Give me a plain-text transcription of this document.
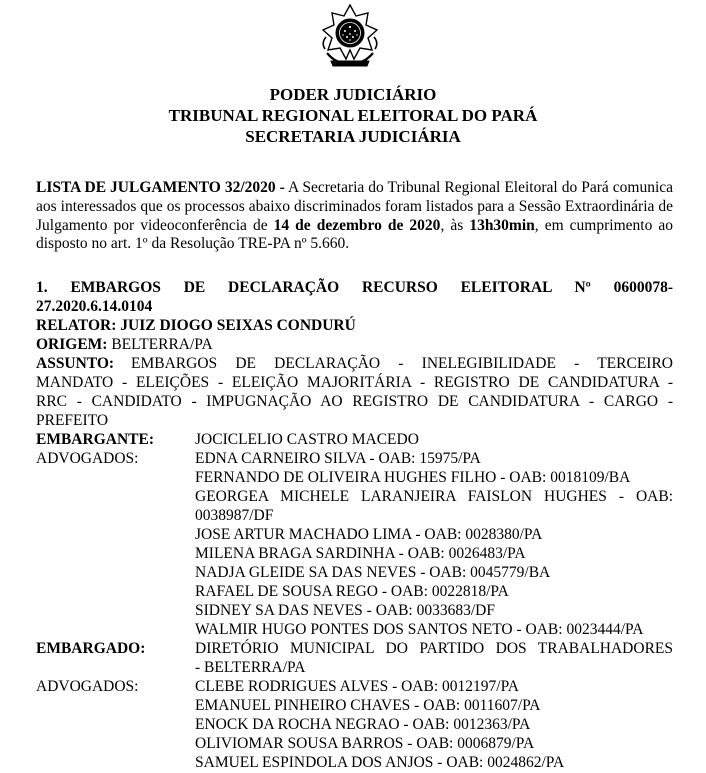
PODER JUDICIÁRIO
TRIBUNAL REGIONAL ELEITORAL DO PARÁ
SECRETARIA JUDICIÁRIA
LISTA DE JULGAMENTO 32/2020 - A Secretaria do Tribunal Regional Eleitoral do Pará comunica aos interessados que os processos abaixo discriminados foram listados para a Sessão Extraordinária de Julgamento por videoconferência de 14 de dezembro de 2020, às 13h30min, em cumprimento ao disposto no art. 1º da Resolução TRE-PA nº 5.660.
1. EMBARGOS DE DECLARAÇÃO RECURSO ELEITORAL Nº 0600078-
27.2020.6.14.0104
RELATOR: JUIZ DIOGO SEIXAS CONDURÚ
ORIGEM: BELTERRA/PA
ASSUNTO: EMBARGOS DE DECLARAÇÃO - INELEGIBILIDADE - TERCEIRO
MANDATO - ELEIÇÕES - ELEIÇÃO MAJORITÁRIA - REGISTRO DE CANDIDATURA -
RRC - CANDIDATO - IMPUGNAÇÃO AO REGISTRO DE CANDIDATURA - CARGO -
PREFEITO
EMBARGANTE:	JOCICLELIO CASTRO MACEDO
ADVOGADOS:	EDNA CARNEIRO SILVA - OAB: 15975/PA
FERNANDO DE OLIVEIRA HUGHES FILHO - OAB: 0018109/BA
GEORGEA MICHELE LARANJEIRA FAISLON HUGHES - OAB:
0038987/DF
JOSE ARTUR MACHADO LIMA - OAB: 0028380/PA
MILENA BRAGA SARDINHA - OAB: 0026483/PA
NADJA GLEIDE SA DAS NEVES - OAB: 0045779/BA
RAFAEL DE SOUSA REGO - OAB: 0022818/PA
SIDNEY SA DAS NEVES - OAB: 0033683/DF
WALMIR HUGO PONTES DOS SANTOS NETO - OAB: 0023444/PA
EMBARGADO:	DIRETÓRIO MUNICIPAL DO PARTIDO DOS TRABALHADORES
- BELTERRA/PA
ADVOGADOS:	CLEBE RODRIGUES ALVES - OAB: 0012197/PA
EMANUEL PINHEIRO CHAVES - OAB: 0011607/PA
ENOCK DA ROCHA NEGRAO - OAB: 0012363/PA
OLIVIOMAR SOUSA BARROS - OAB: 0006879/PA
SAMUEL ESPINDOLA DOS ANJOS - OAB: 0024862/PA
